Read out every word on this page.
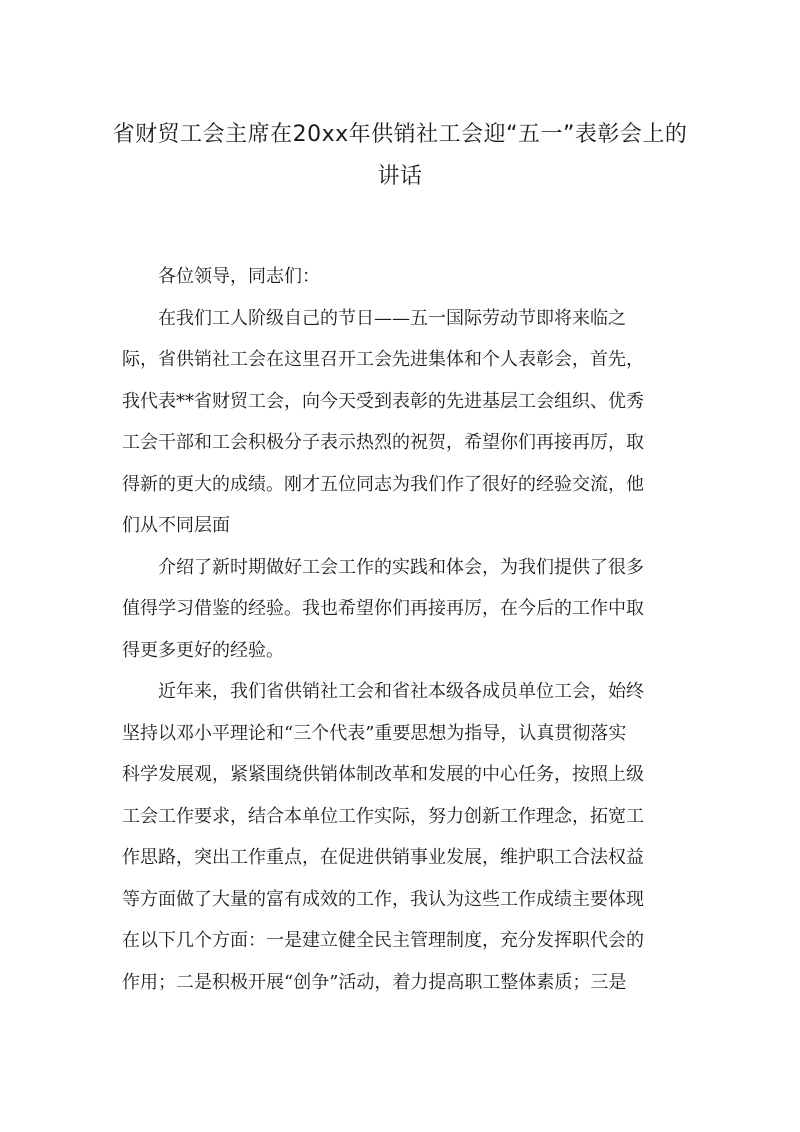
省财贸工会主席在20xx年供销社工会迎“五一”表彰会上的
讲话
各位领导，同志们：
在我们工人阶级自己的节日——五一国际劳动节即将来临之
际，省供销社工会在这里召开工会先进集体和个人表彰会，首先，
我代表**省财贸工会，向今天受到表彰的先进基层工会组织、优秀
工会干部和工会积极分子表示热烈的祝贺，希望你们再接再厉，取
得新的更大的成绩。刚才五位同志为我们作了很好的经验交流，他
们从不同层面
介绍了新时期做好工会工作的实践和体会，为我们提供了很多
值得学习借鉴的经验。我也希望你们再接再厉，在今后的工作中取
得更多更好的经验。
近年来，我们省供销社工会和省社本级各成员单位工会，始终
坚持以邓小平理论和“三个代表”重要思想为指导，认真贯彻落实
科学发展观，紧紧围绕供销体制改革和发展的中心任务，按照上级
工会工作要求，结合本单位工作实际，努力创新工作理念，拓宽工
作思路，突出工作重点，在促进供销事业发展，维护职工合法权益
等方面做了大量的富有成效的工作，我认为这些工作成绩主要体现
在以下几个方面：一是建立健全民主管理制度，充分发挥职代会的
作用；二是积极开展“创争”活动，着力提高职工整体素质；三是
